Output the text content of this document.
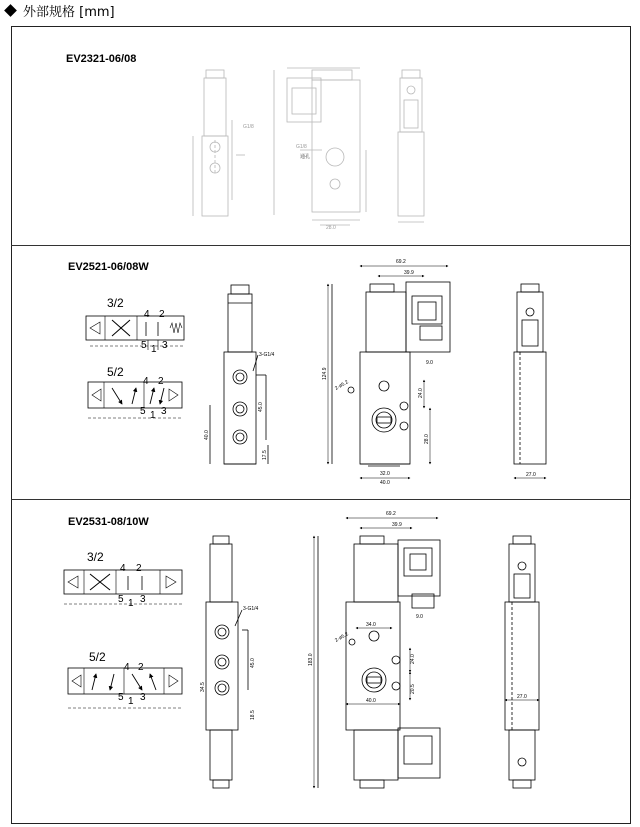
外部规格 [mm]
EV2321-06/08
EV2521-06/08W
EV2531-08/10W
G1/8
G1/8
通孔
28.0
3/2
4 2
5 1 3
5/2
4 2
5 1 3
3-G1/4
45.0
40.0
17.5
69.2
39.9
124.9
2-ø5.2
24.0
28.0
32.0
40.0
9.0
27.0
3/2
4 2
5 1 3
5/2
4 2
5 1 3
3-G1/4
45.0
34.5
18.5
69.2
39.9
183.0
2-ø5.2
34.0
24.0
20.5
40.0
9.0
27.0
